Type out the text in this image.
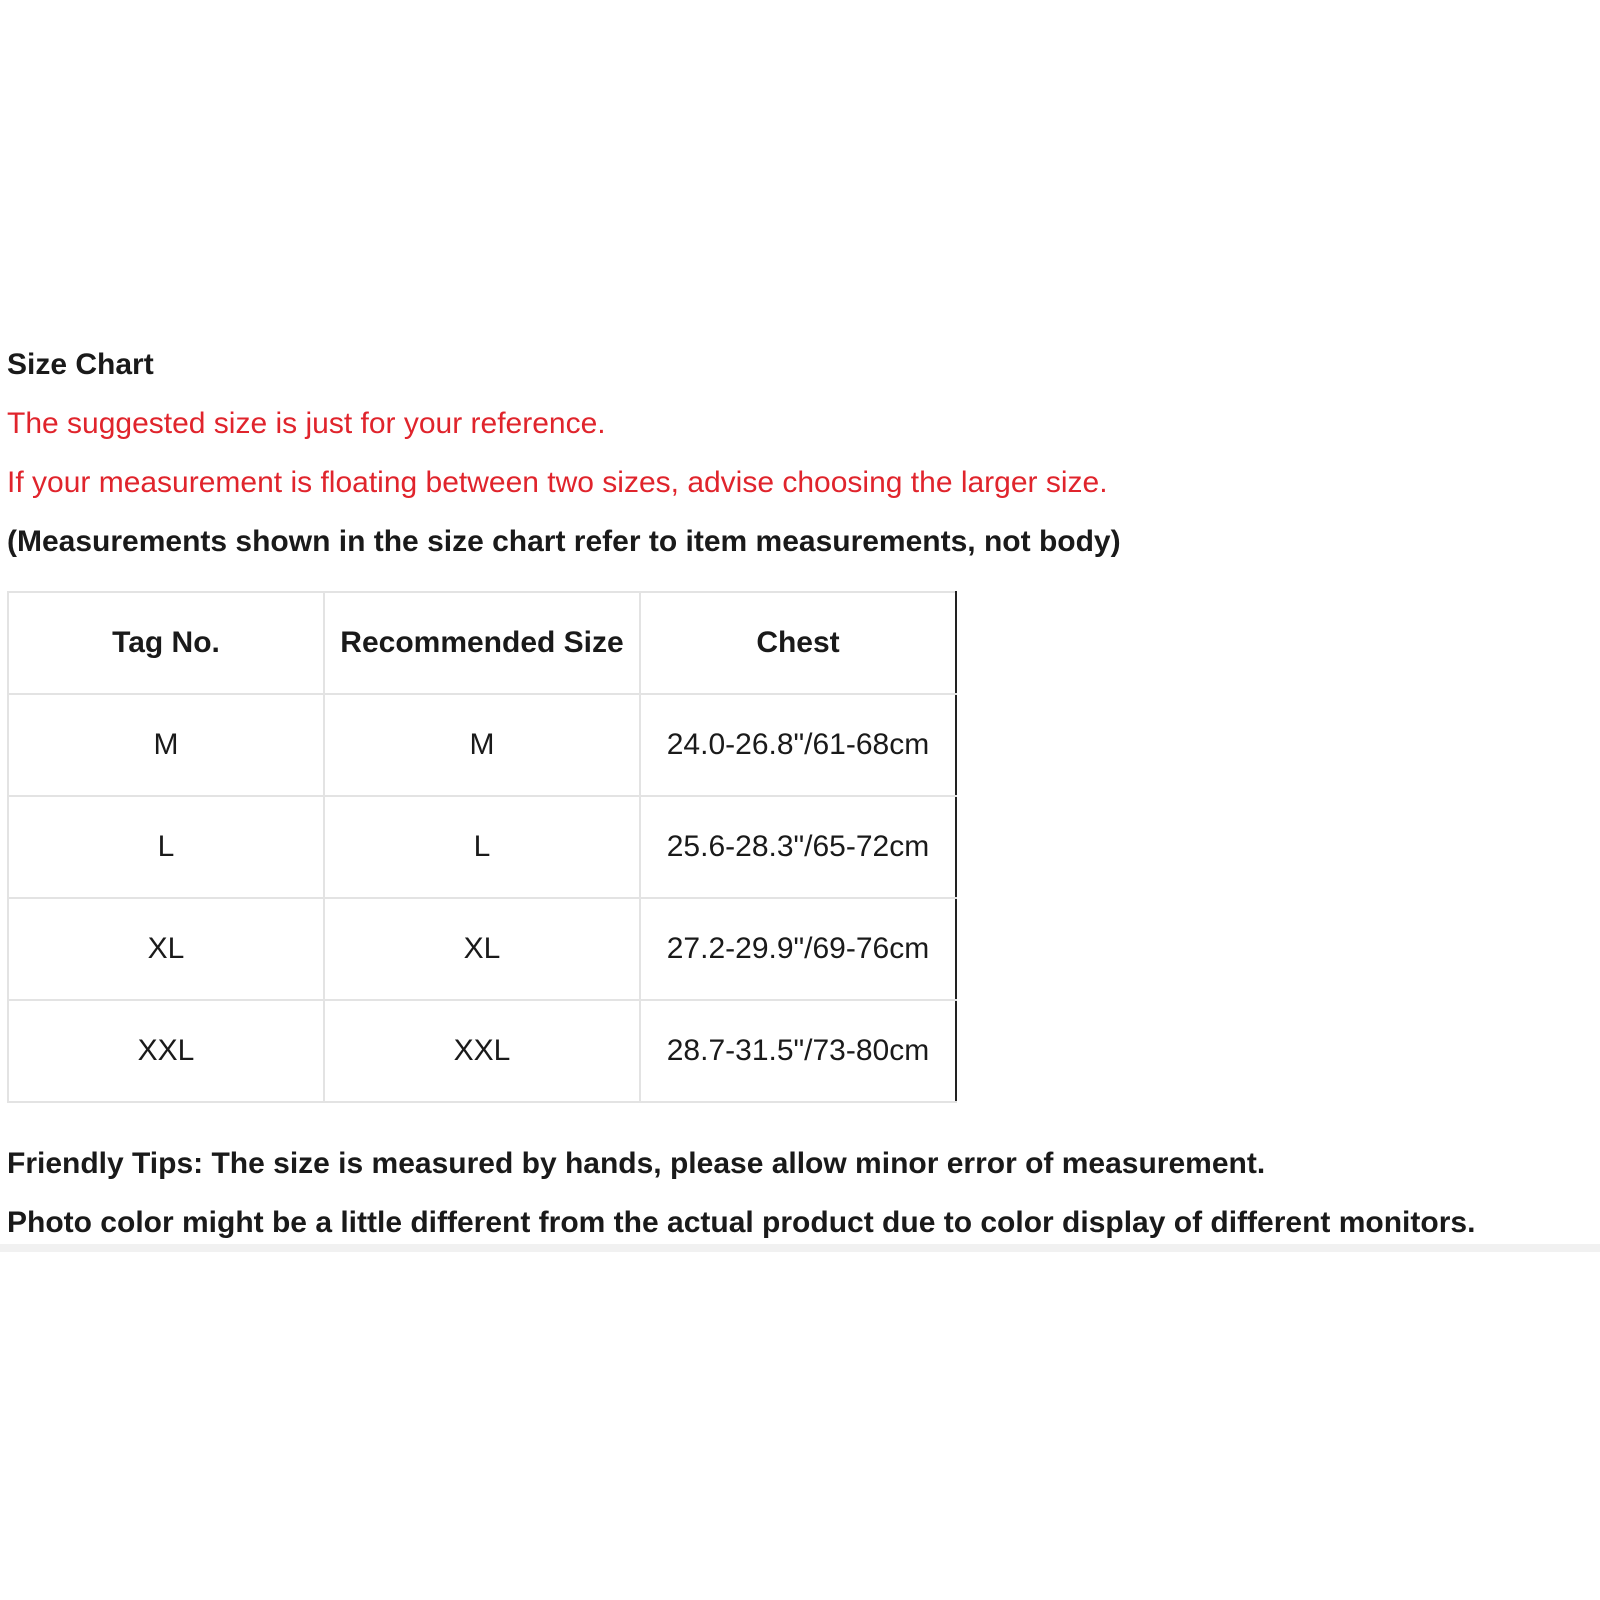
Size Chart
The suggested size is just for your reference.
If your measurement is floating between two sizes, advise choosing the larger size.
(Measurements shown in the size chart refer to item measurements, not body)
Tag No.	Recommended Size	Chest
M	M	24.0-26.8"/61-68cm
L	L	25.6-28.3"/65-72cm
XL	XL	27.2-29.9"/69-76cm
XXL	XXL	28.7-31.5"/73-80cm
Friendly Tips: The size is measured by hands, please allow minor error of measurement.
Photo color might be a little different from the actual product due to color display of different monitors.
